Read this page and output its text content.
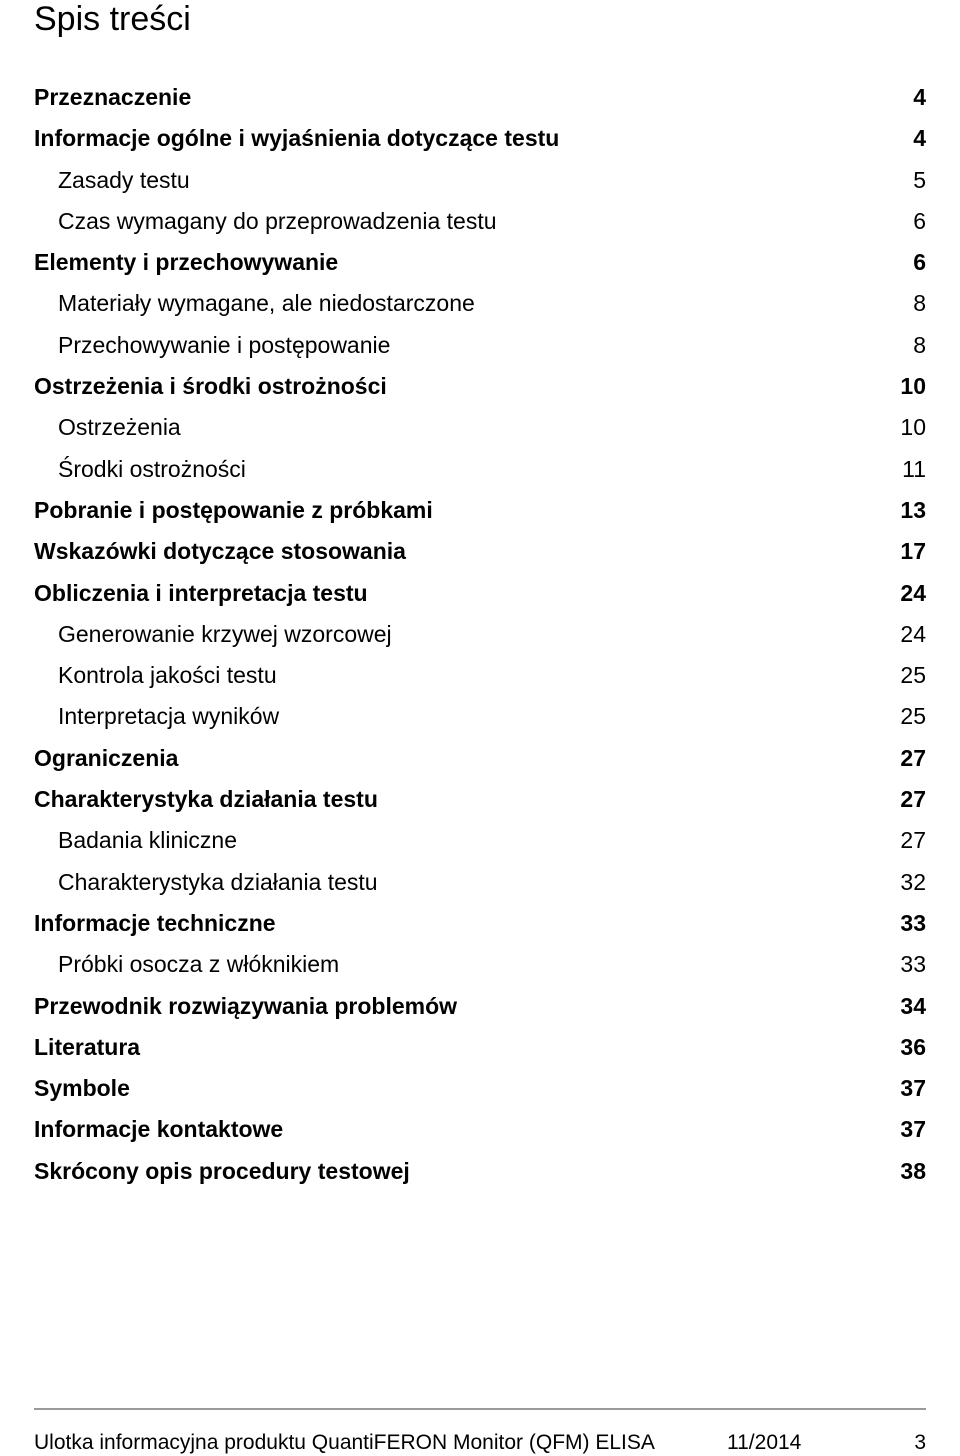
Spis treści
Przeznaczenie	4
Informacje ogólne i wyjaśnienia dotyczące testu	4
Zasady testu	5
Czas wymagany do przeprowadzenia testu	6
Elementy i przechowywanie	6
Materiały wymagane, ale niedostarczone	8
Przechowywanie i postępowanie	8
Ostrzeżenia i środki ostrożności	10
Ostrzeżenia	10
Środki ostrożności	11
Pobranie i postępowanie z próbkami	13
Wskazówki dotyczące stosowania	17
Obliczenia i interpretacja testu	24
Generowanie krzywej wzorcowej	24
Kontrola jakości testu	25
Interpretacja wyników	25
Ograniczenia	27
Charakterystyka działania testu	27
Badania kliniczne	27
Charakterystyka działania testu	32
Informacje techniczne	33
Próbki osocza z włóknikiem	33
Przewodnik rozwiązywania problemów	34
Literatura	36
Symbole	37
Informacje kontaktowe	37
Skrócony opis procedury testowej	38
Ulotka informacyjna produktu QuantiFERON Monitor (QFM) ELISA	11/2014	3
